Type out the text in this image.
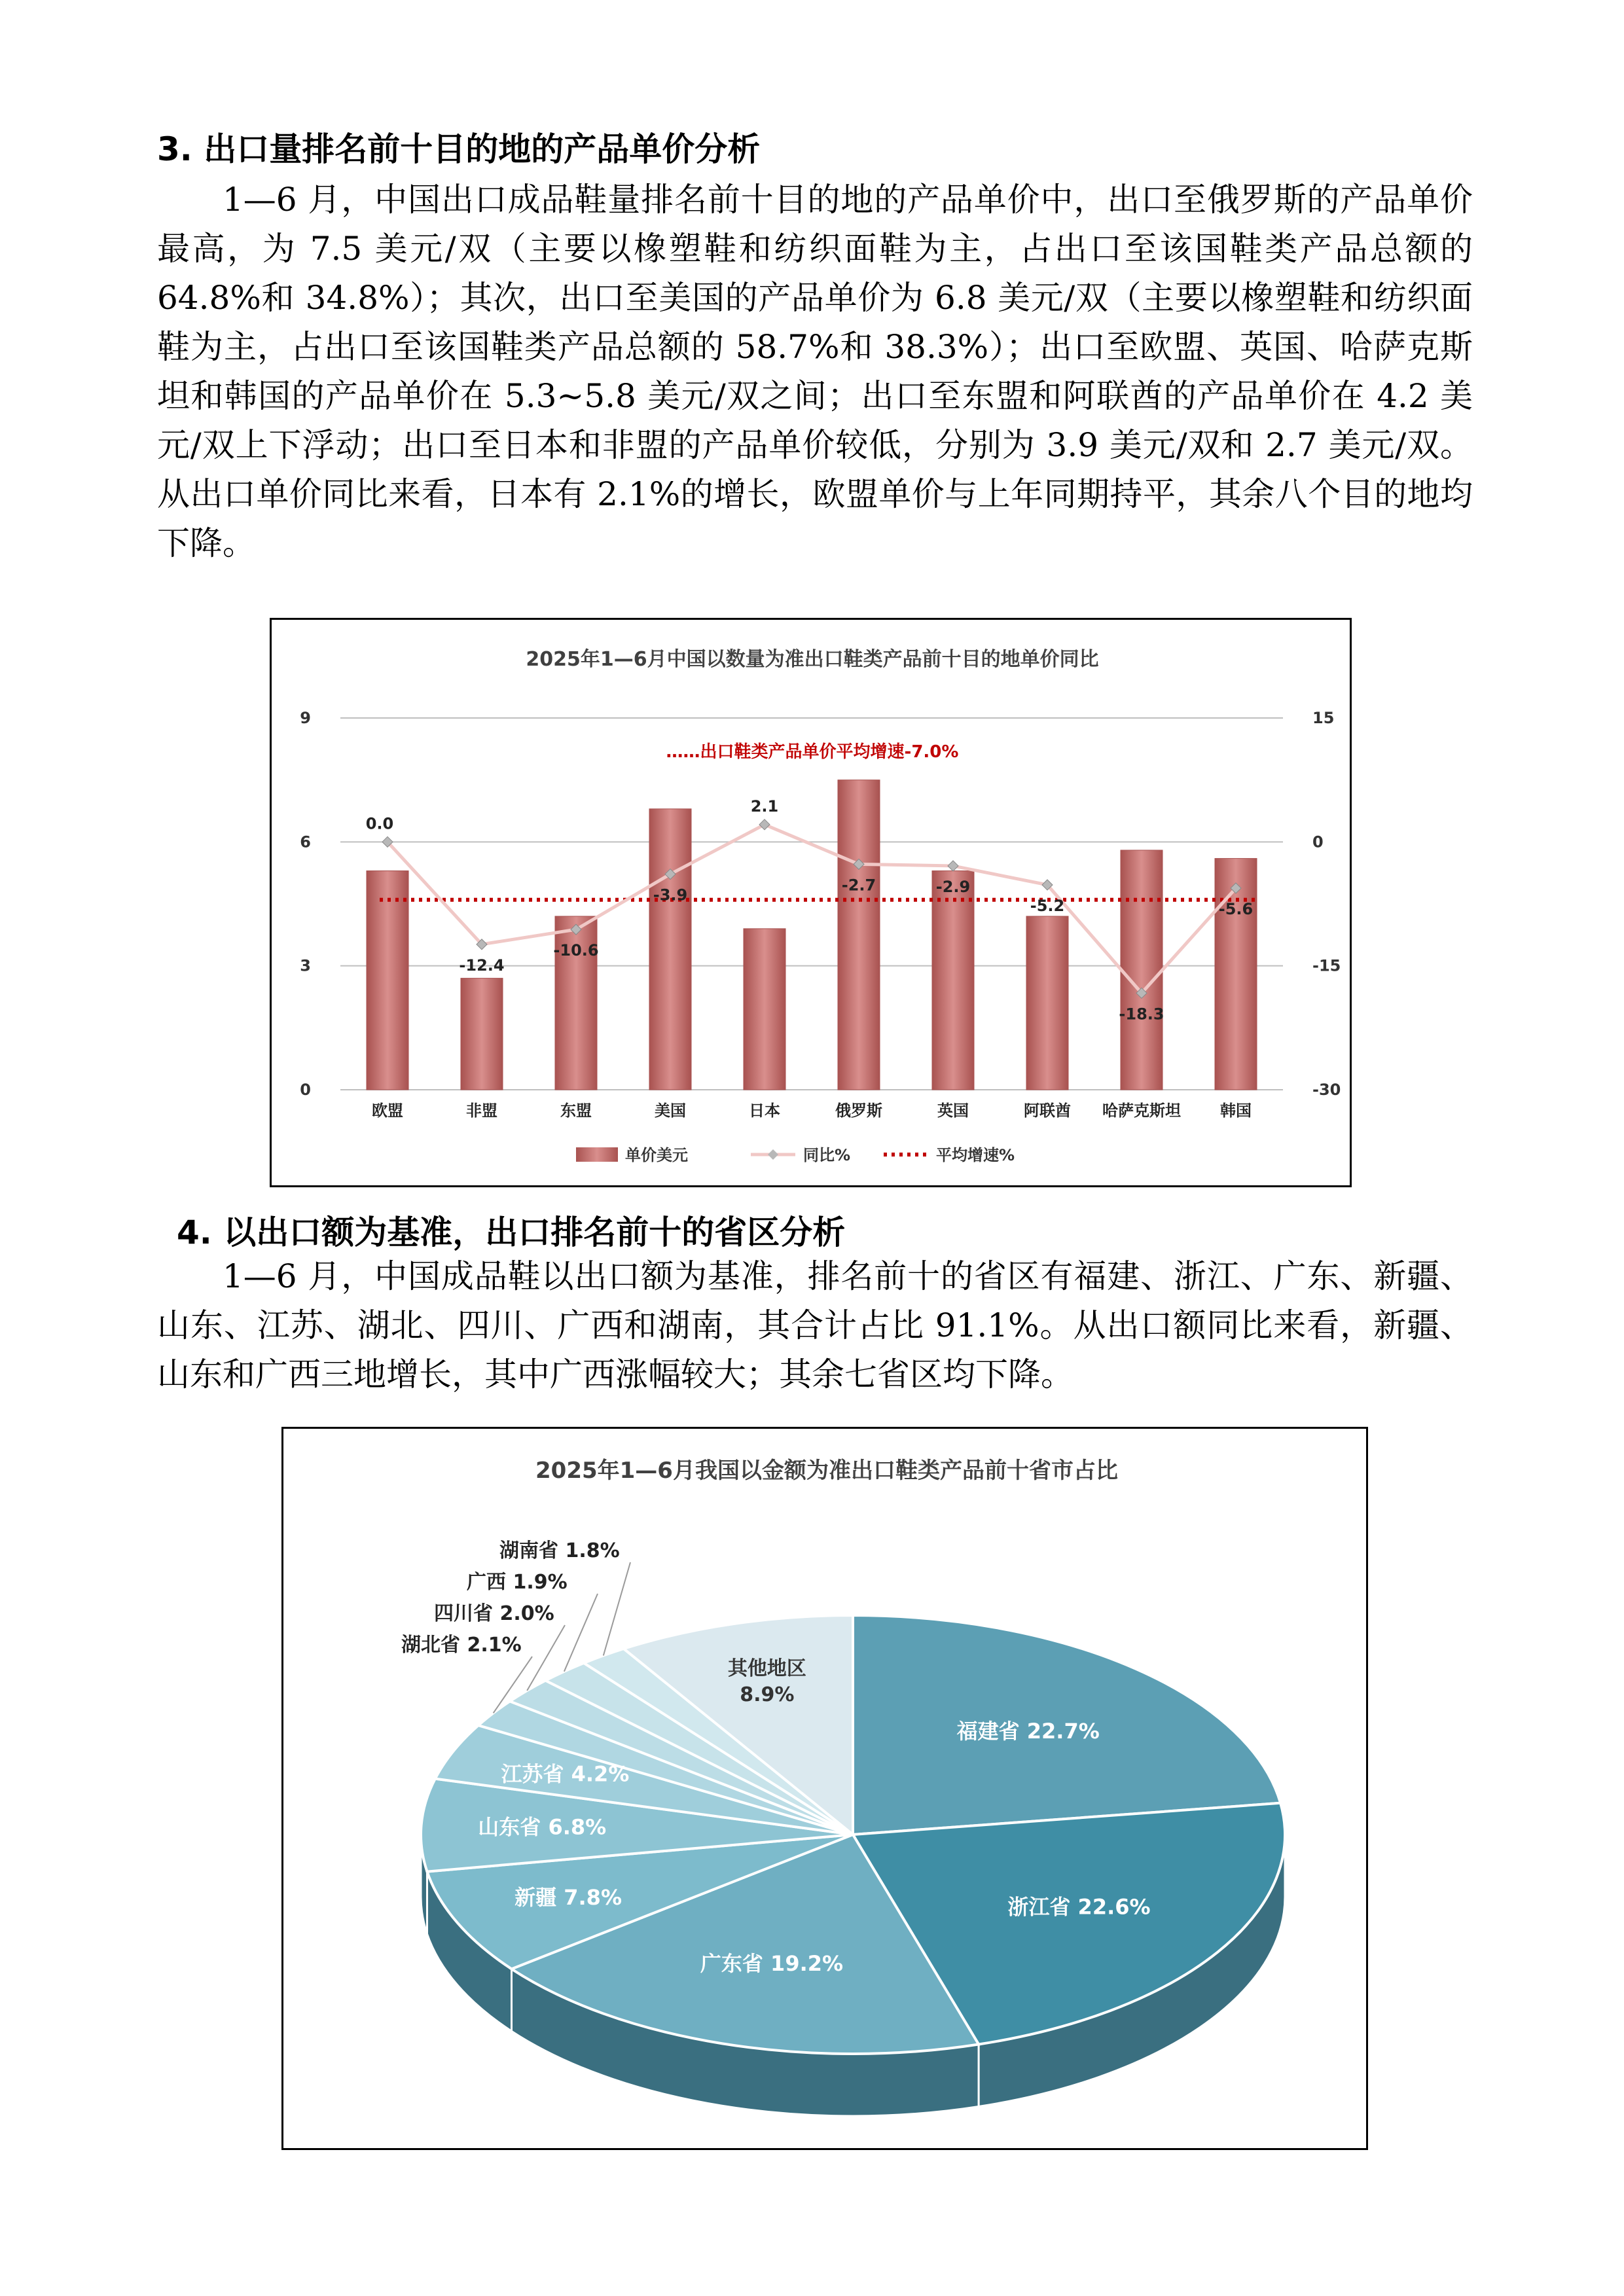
3. 出口量排名前十目的地的产品单价分析

1—6 月，中国出口成品鞋量排名前十目的地的产品单价中，出口至俄罗斯的产品单价最高，为 7.5 美元/双（主要以橡塑鞋和纺织面鞋为主，占出口至该国鞋类产品总额的 64.8%和 34.8%）；其次，出口至美国的产品单价为 6.8 美元/双（主要以橡塑鞋和纺织面鞋为主，占出口至该国鞋类产品总额的 58.7%和 38.3%）；出口至欧盟、英国、哈萨克斯坦和韩国的产品单价在 5.3~5.8 美元/双之间；出口至东盟和阿联酋的产品单价在 4.2 美元/双上下浮动；出口至日本和非盟的产品单价较低，分别为 3.9 美元/双和 2.7 美元/双。从出口单价同比来看，日本有 2.1%的增长，欧盟单价与上年同期持平，其余八个目的地均下降。

2025年1—6月中国以数量为准出口鞋类产品前十目的地单价同比
0
3
6
9
-30
-15
0
15
欧盟	非盟	东盟	美国	日本	俄罗斯	英国	阿联酋 哈萨克斯坦	韩国
……出口鞋类产品单价平均增速-7.0%
0.0
-12.4
-10.6
-3.9
2.1
-2.7	-2.9
-5.2
-18.3
-5.6
单价美元	同比%	平均增速%
4. 以出口额为基准，出口排名前十的省区分析

1—6 月，中国成品鞋以出口额为基准，排名前十的省区有福建、浙江、广东、新疆、山东、江苏、湖北、四川、广西和湖南，其合计占比 91.1%。从出口额同比来看，新疆、山东和广西三地增长，其中广西涨幅较大；其余七省区均下降。

2025年1—6月我国以金额为准出口鞋类产品前十省市占比
福建省 22.7%
浙江省 22.6%
广东省 19.2%
新疆 7.8%
山东省 6.8%
江苏省 4.2%
湖北省 2.1%
四川省 2.0%
广西 1.9%
湖南省 1.8%
其他地区
8.9%
